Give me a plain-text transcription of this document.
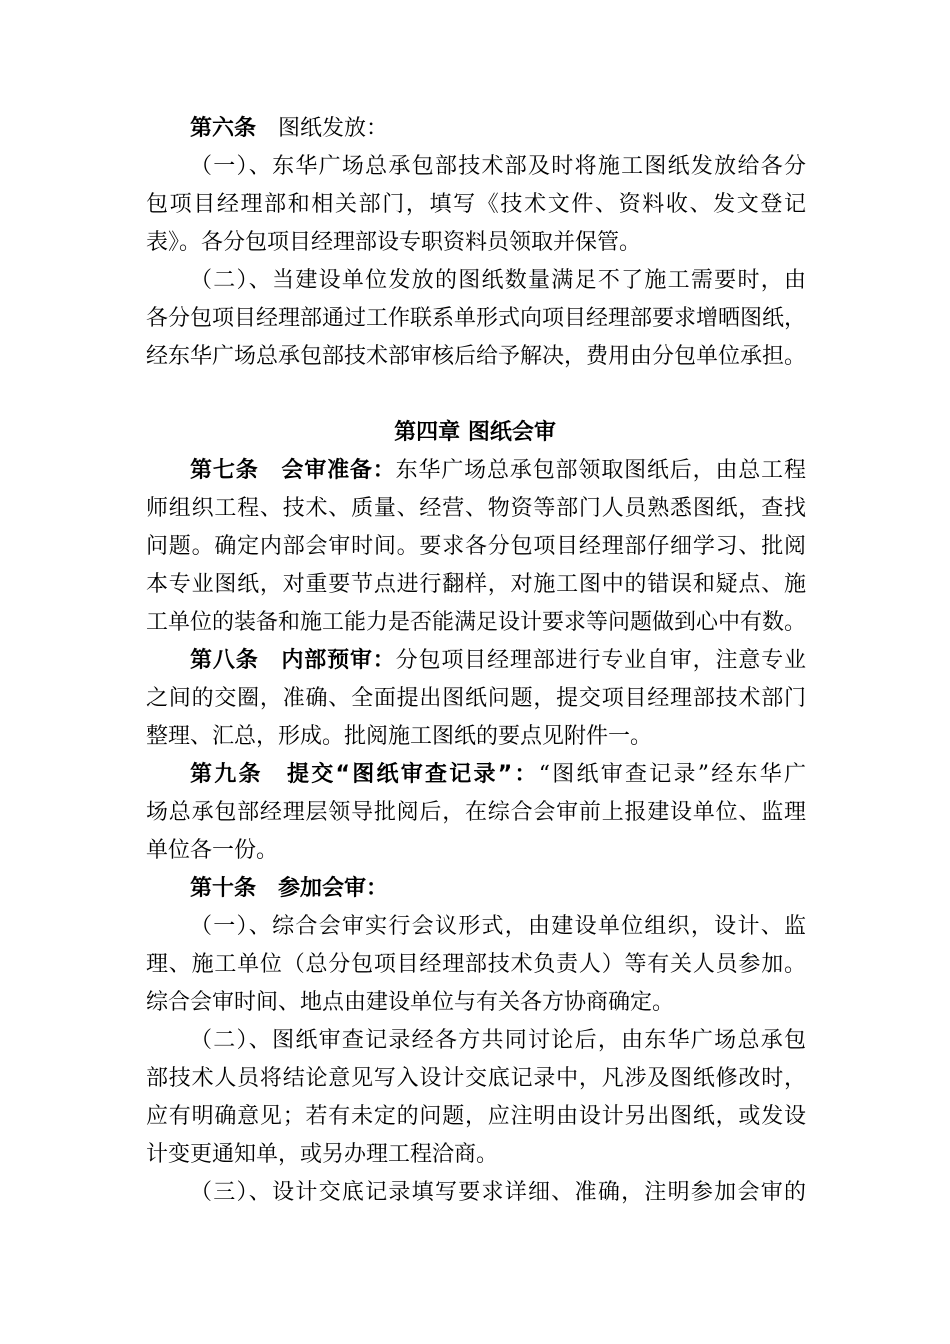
第六条 图纸发放：
（一）、东华广场总承包部技术部及时将施工图纸发放给各分
包项目经理部和相关部门，填写《技术文件、资料收、发文登记
表》。各分包项目经理部设专职资料员领取并保管。
（二）、当建设单位发放的图纸数量满足不了施工需要时，由
各分包项目经理部通过工作联系单形式向项目经理部要求增晒图纸，
经东华广场总承包部技术部审核后给予解决，费用由分包单位承担。
第四章 图纸会审
第七条 会审准备：东华广场总承包部领取图纸后，由总工程
师组织工程、技术、质量、经营、物资等部门人员熟悉图纸，查找
问题。确定内部会审时间。要求各分包项目经理部仔细学习、批阅
本专业图纸，对重要节点进行翻样，对施工图中的错误和疑点、施
工单位的装备和施工能力是否能满足设计要求等问题做到心中有数。
第八条 内部预审：分包项目经理部进行专业自审，注意专业
之间的交圈，准确、全面提出图纸问题，提交项目经理部技术部门
整理、汇总，形成。批阅施工图纸的要点见附件一。
第九条 提交“图纸审查记录”：“图纸审查记录”经东华广
场总承包部经理层领导批阅后，在综合会审前上报建设单位、监理
单位各一份。
第十条 参加会审：
（一）、综合会审实行会议形式，由建设单位组织，设计、监
理、施工单位（总分包项目经理部技术负责人）等有关人员参加。
综合会审时间、地点由建设单位与有关各方协商确定。
（二）、图纸审查记录经各方共同讨论后，由东华广场总承包
部技术人员将结论意见写入设计交底记录中，凡涉及图纸修改时，
应有明确意见；若有未定的问题，应注明由设计另出图纸，或发设
计变更通知单，或另办理工程洽商。
（三）、设计交底记录填写要求详细、准确，注明参加会审的
